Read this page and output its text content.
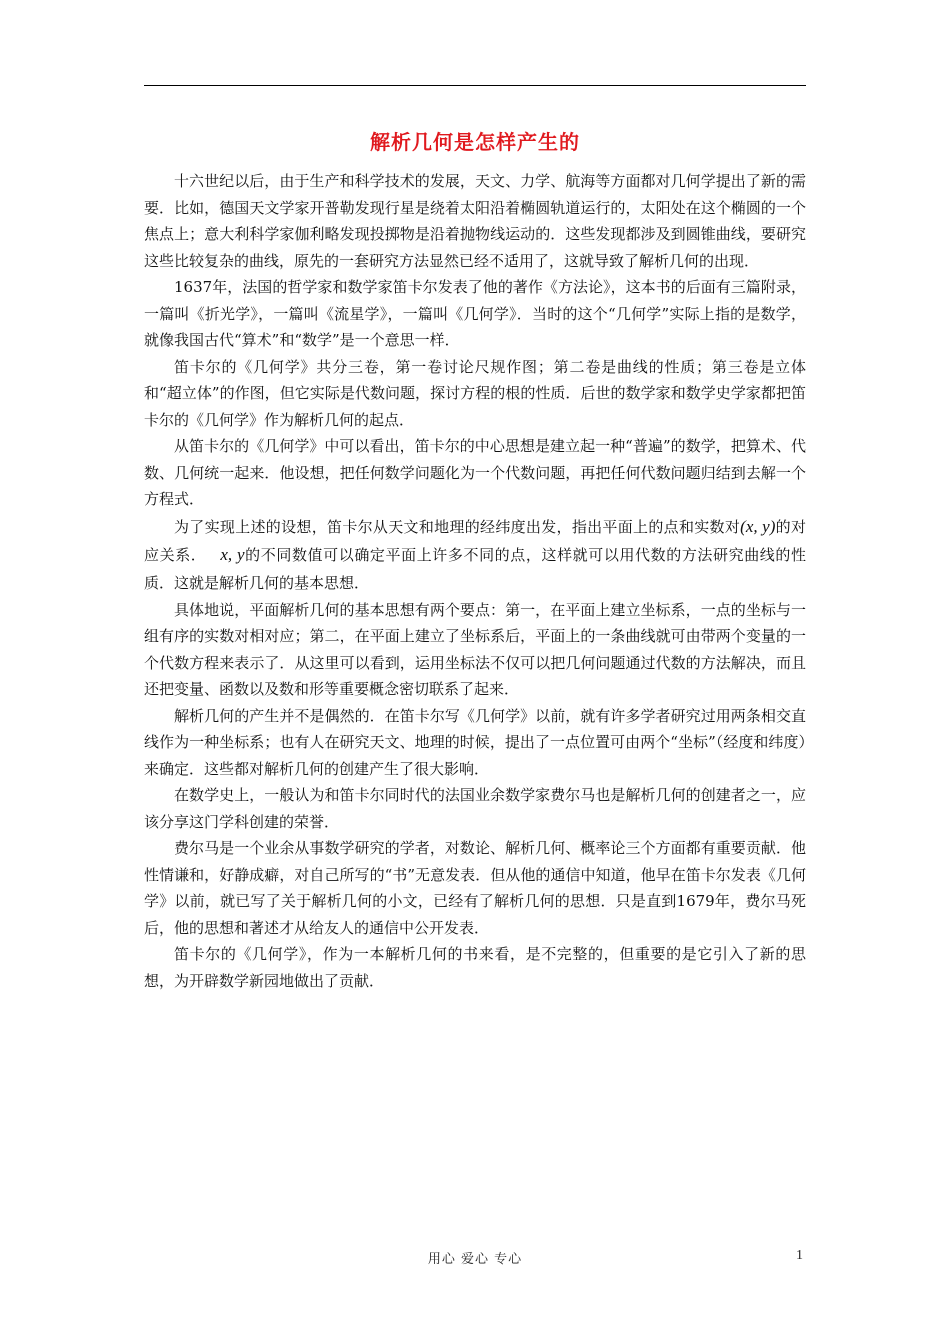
解析几何是怎样产生的

十六世纪以后，由于生产和科学技术的发展，天文、力学、航海等方面都对几何学提出了新的需要．比如，德国天文学家开普勒发现行星是绕着太阳沿着椭圆轨道运行的，太阳处在这个椭圆的一个焦点上；意大利科学家伽利略发现投掷物是沿着抛物线运动的．这些发现都涉及到圆锥曲线，要研究这些比较复杂的曲线，原先的一套研究方法显然已经不适用了，这就导致了解析几何的出现．

1637年，法国的哲学家和数学家笛卡尔发表了他的著作《方法论》，这本书的后面有三篇附录，一篇叫《折光学》，一篇叫《流星学》，一篇叫《几何学》．当时的这个“几何学”实际上指的是数学，就像我国古代“算术”和“数学”是一个意思一样．

笛卡尔的《几何学》共分三卷，第一卷讨论尺规作图；第二卷是曲线的性质；第三卷是立体和“超立体”的作图，但它实际是代数问题，探讨方程的根的性质．后世的数学家和数学史学家都把笛卡尔的《几何学》作为解析几何的起点．

从笛卡尔的《几何学》中可以看出，笛卡尔的中心思想是建立起一种“普遍”的数学，把算术、代数、几何统一起来．他设想，把任何数学问题化为一个代数问题，再把任何代数问题归结到去解一个方程式．

为了实现上述的设想，笛卡尔从天文和地理的经纬度出发，指出平面上的点和实数对(x, y)的对应关系． x, y的不同数值可以确定平面上许多不同的点，这样就可以用代数的方法研究曲线的性质．这就是解析几何的基本思想．

具体地说，平面解析几何的基本思想有两个要点：第一，在平面上建立坐标系，一点的坐标与一组有序的实数对相对应；第二，在平面上建立了坐标系后，平面上的一条曲线就可由带两个变量的一个代数方程来表示了．从这里可以看到，运用坐标法不仅可以把几何问题通过代数的方法解决，而且还把变量、函数以及数和形等重要概念密切联系了起来．

解析几何的产生并不是偶然的．在笛卡尔写《几何学》以前，就有许多学者研究过用两条相交直线作为一种坐标系；也有人在研究天文、地理的时候，提出了一点位置可由两个“坐标”（经度和纬度）来确定．这些都对解析几何的创建产生了很大影响．

在数学史上，一般认为和笛卡尔同时代的法国业余数学家费尔马也是解析几何的创建者之一，应该分享这门学科创建的荣誉．

费尔马是一个业余从事数学研究的学者，对数论、解析几何、概率论三个方面都有重要贡献．他性情谦和，好静成癖，对自己所写的“书”无意发表．但从他的通信中知道，他早在笛卡尔发表《几何学》以前，就已写了关于解析几何的小文，已经有了解析几何的思想．只是直到1679年，费尔马死后，他的思想和著述才从给友人的通信中公开发表．

笛卡尔的《几何学》，作为一本解析几何的书来看，是不完整的，但重要的是它引入了新的思想，为开辟数学新园地做出了贡献．

用心 爱心 专心	1
